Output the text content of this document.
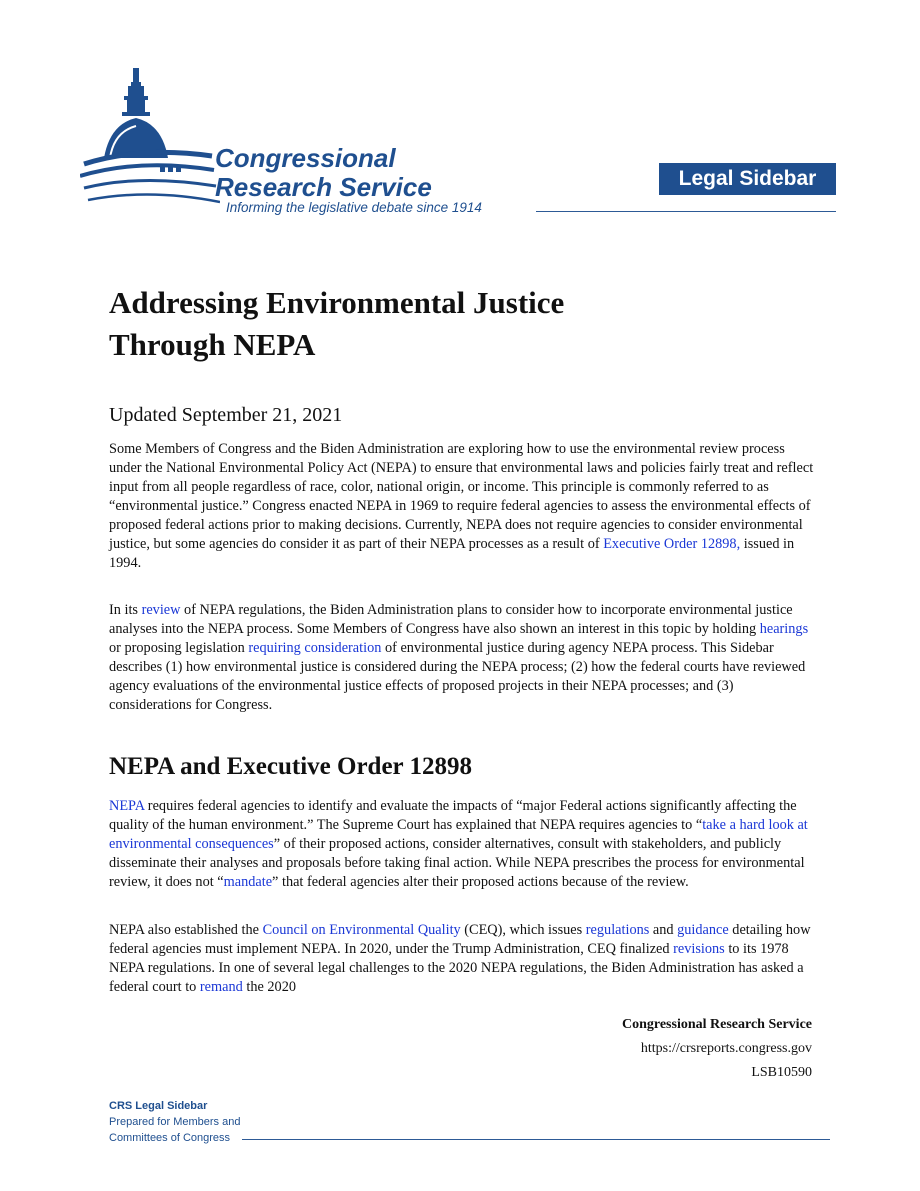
Congressional
Research Service
Informing the legislative debate since 1914
Legal Sidebar
Addressing Environmental Justice
Through NEPA

Updated September 21, 2021

Some Members of Congress and the Biden Administration are exploring how to use the environmental review process under the National Environmental Policy Act (NEPA) to ensure that environmental laws and policies fairly treat and reflect input from all people regardless of race, color, national origin, or income. This principle is commonly referred to as “environmental justice.” Congress enacted NEPA in 1969 to require federal agencies to assess the environmental effects of proposed federal actions prior to making decisions. Currently, NEPA does not require agencies to consider environmental justice, but some agencies do consider it as part of their NEPA processes as a result of Executive Order 12898, issued in 1994.

In its review of NEPA regulations, the Biden Administration plans to consider how to incorporate environmental justice analyses into the NEPA process. Some Members of Congress have also shown an interest in this topic by holding hearings or proposing legislation requiring consideration of environmental justice during agency NEPA process. This Sidebar describes (1) how environmental justice is considered during the NEPA process; (2) how the federal courts have reviewed agency evaluations of the environmental justice effects of proposed projects in their NEPA processes; and (3) considerations for Congress.

NEPA and Executive Order 12898

NEPA requires federal agencies to identify and evaluate the impacts of “major Federal actions significantly affecting the quality of the human environment.” The Supreme Court has explained that NEPA requires agencies to “take a hard look at environmental consequences” of their proposed actions, consider alternatives, consult with stakeholders, and publicly disseminate their analyses and proposals before taking final action. While NEPA prescribes the process for environmental review, it does not “mandate” that federal agencies alter their proposed actions because of the review.

NEPA also established the Council on Environmental Quality (CEQ), which issues regulations and guidance detailing how federal agencies must implement NEPA. In 2020, under the Trump Administration, CEQ finalized revisions to its 1978 NEPA regulations. In one of several legal challenges to the 2020 NEPA regulations, the Biden Administration has asked a federal court to remand the 2020

Congressional Research Service
https://crsreports.congress.gov
LSB10590
CRS Legal Sidebar
Prepared for Members and
Committees of Congress
